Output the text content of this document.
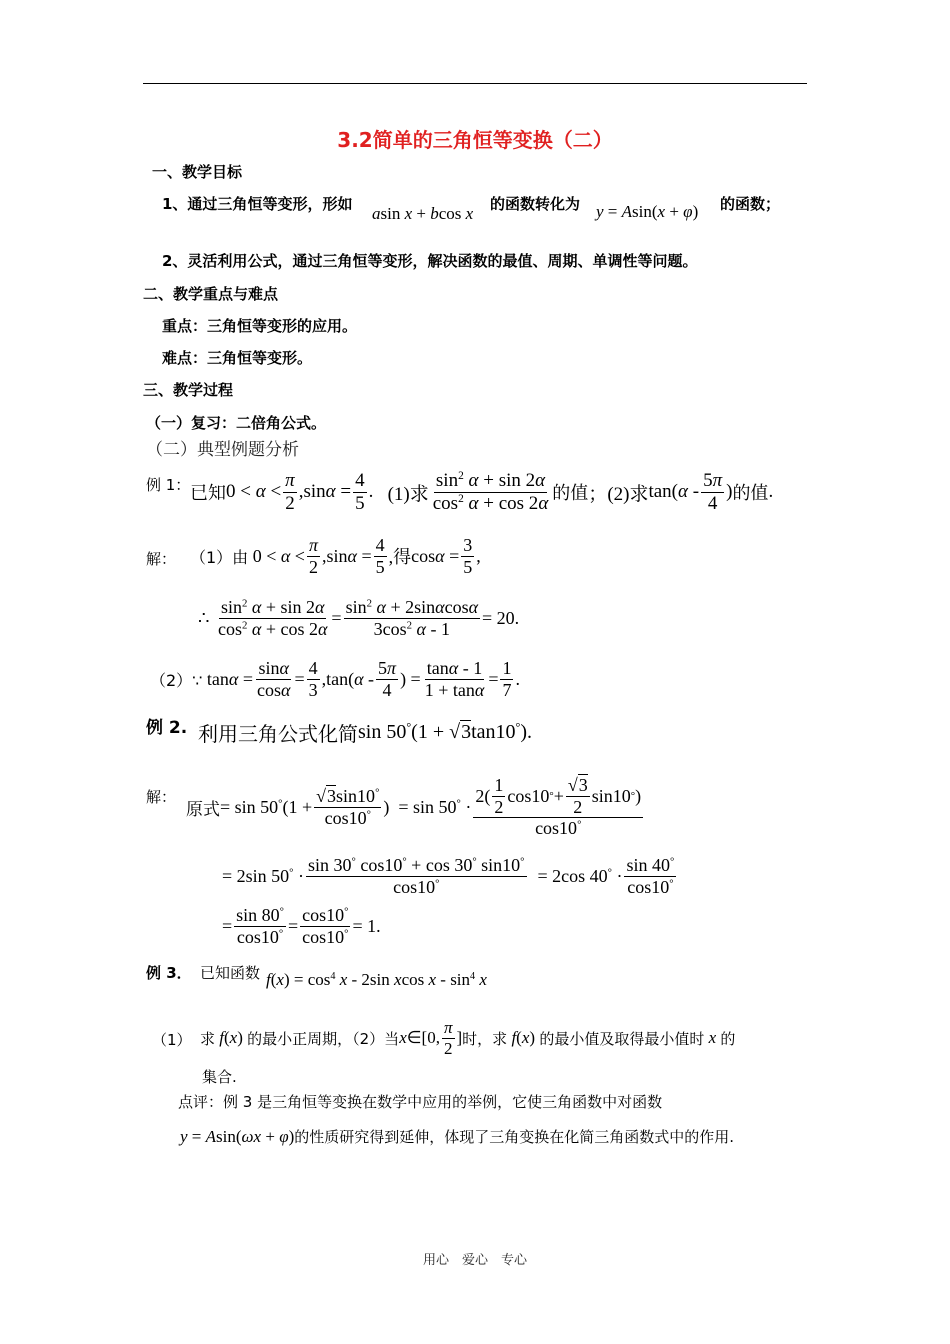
3.2简单的三角恒等变换（二）
一、教学目标
1、通过三角恒等变形，形如 asin x + bcos x 的函数转化为 y = Asin(x + φ) 的函数；
2、灵活利用公式，通过三角恒等变形，解决函数的最值、周期、单调性等问题。
二、教学重点与难点
重点：三角恒等变形的应用。
难点：三角恒等变形。
三、教学过程
（一）复习：二倍角公式。
（二）典型例题分析
例 1： 已知 $0 < \alpha < \frac{\pi}{2} ,\sin\alpha = \frac{4}{5}$ . (1)求 $\frac{\sin^2 \alpha + \sin 2\alpha}{\cos^2 \alpha + \cos 2\alpha}$ 的值 ； (2)求 $\tan(\alpha - \frac{5\pi}{4}$ ) 的值 .
解： （1）由 $0 < \alpha < \frac{\pi}{2} ,\sin\alpha = \frac{4}{5}$ ,得 $\cos\alpha = \frac{3}{5}$ ,
∴ $\frac{\sin^2 \alpha + \sin 2\alpha}{\cos^2 \alpha + \cos 2\alpha} = \frac{\sin^2 \alpha + 2\sin\alpha\cos\alpha}{3\cos^2 \alpha - 1} = 20$.
（2）∵ $\tan\alpha = \frac{\sin\alpha}{\cos\alpha} = \frac{4}{3} ,\tan(\alpha - \frac{5\pi}{4}$ ) = $\frac{\tan\alpha - 1}{1 + \tan\alpha} = \frac{1}{7}$ .
例 2. 利用三角公式化简 sin 50°(1 + √3tan10°).
解：
原式 = $\sin 50^\circ(1 + \frac{√3\sin 10^\circ}{\cos 10^\circ}$ )  = $\sin 50^\circ \cdot \frac{2( \frac{1}{2} \cos 10 ^\circ + \frac{√3}{2} \sin 10 ^\circ )}{\cos 10^\circ}$
= 2sin $50^\circ \cdot \frac{\sin 30^\circ \cos 10^\circ + \cos 30^\circ \sin 10^\circ}{\cos 10^\circ} = 2\cos$ $40^\circ \cdot \frac{\sin 40^\circ}{\cos 10^\circ}$
= $\frac{\sin 80^\circ}{\cos 10^\circ} = \frac{\cos 10^\circ}{\cos 10^\circ} = 1$.
例 3． 已知函数 $f(x) = \cos^4 x - 2\sin$ xcos x - $\sin^4 x$
（1） 求 f(x) 的最小正周期，（2）当 x∈[0, $\frac{\pi}{2}$ ] 时，求 f(x) 的最小值及取得最小值时 x 的
集合.
点评：例 3 是三角恒等变换在数学中应用的举例，它使三角函数中对函数
y = Asin(ωx + φ) 的性质研究得到延伸，体现了三角变换在化简三角函数式中的作用.
用心　爱心　专心
